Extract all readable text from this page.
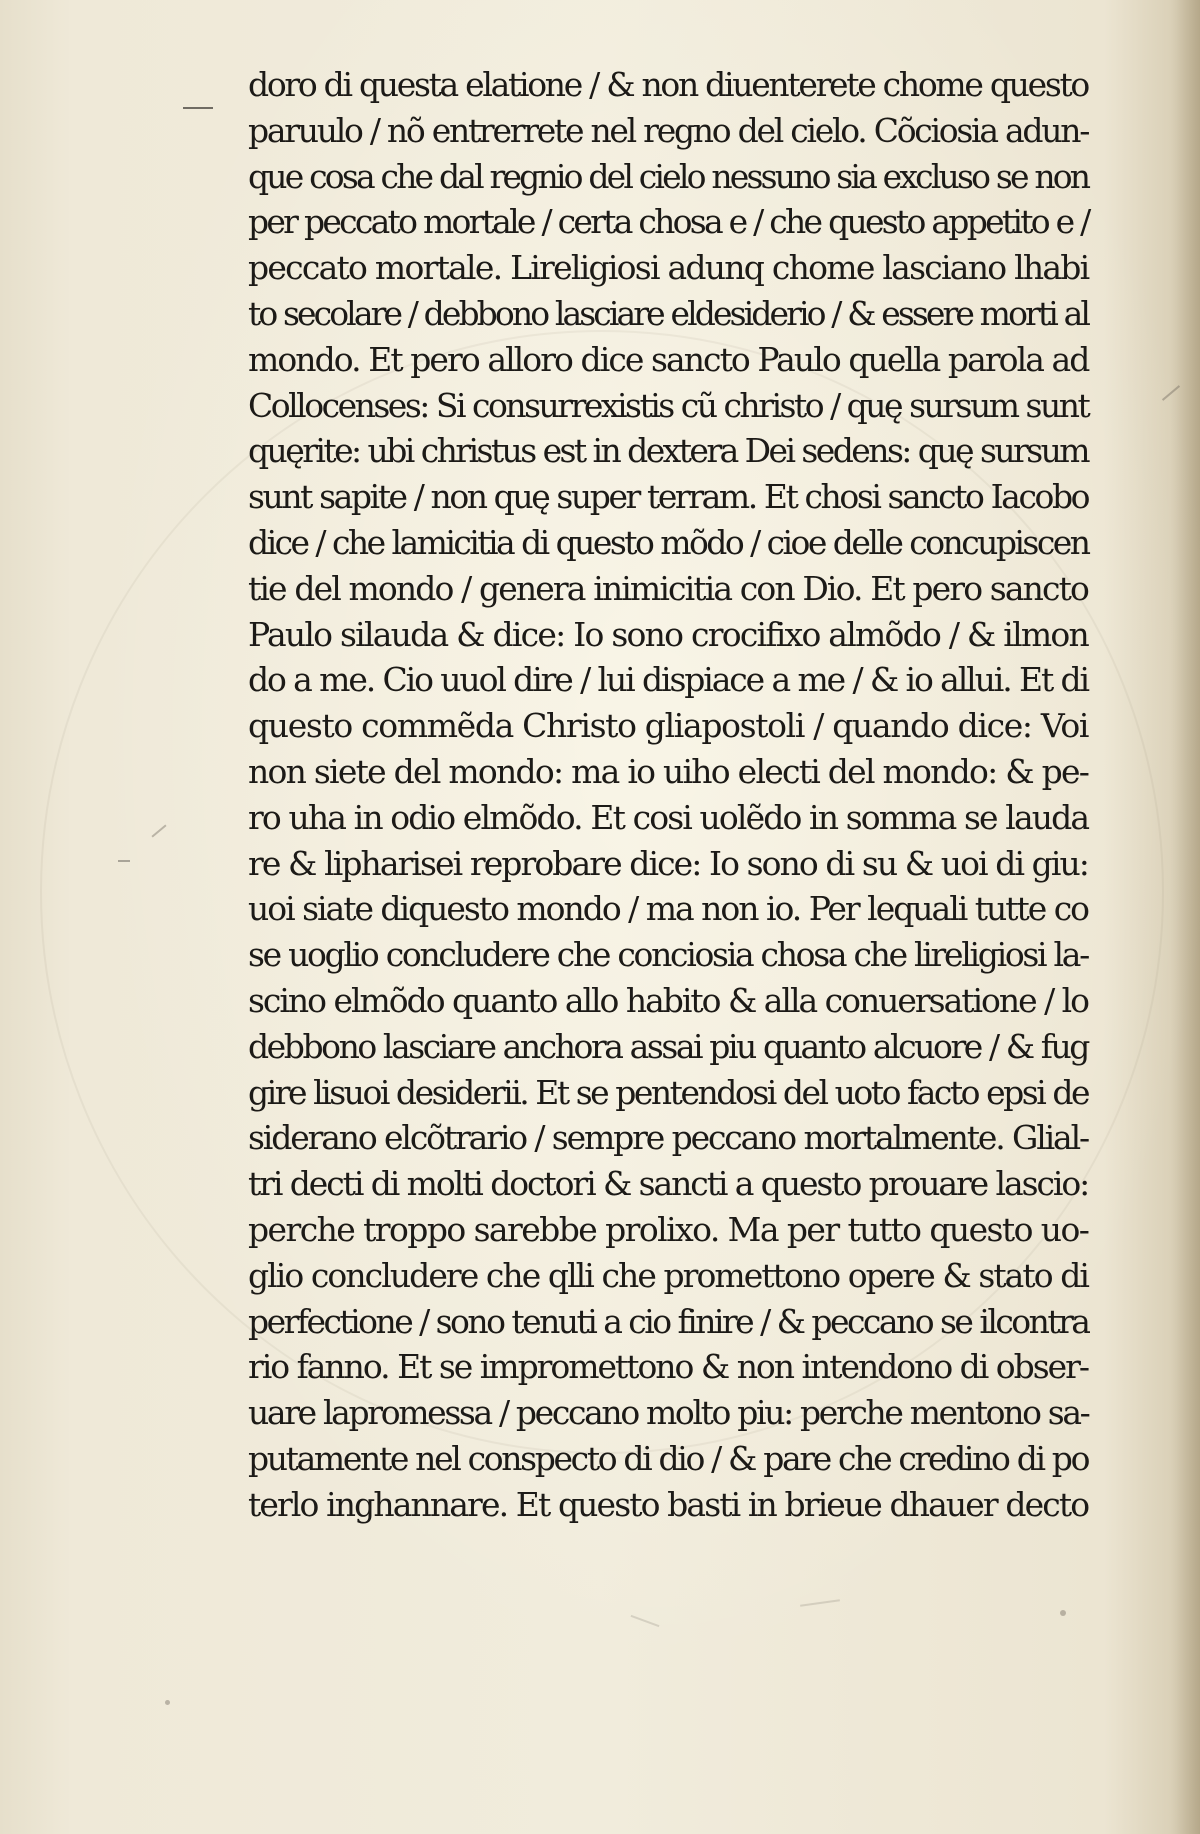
doro di questa elatione / & non diuenterete chome questo
paruulo / nõ entrerrete nel regno del cielo. Cõciosia adun-
que cosa che dal regnio del cielo nessuno sia excluso se non
per peccato mortale / certa chosa e / che questo appetito e /
peccato mortale. Lireligiosi adunq chome lasciano lhabi
to secolare / debbono lasciare eldesiderio / & essere morti al
mondo. Et pero alloro dice sancto Paulo quella parola ad
Collocenses: Si consurrexistis cũ christo / quę sursum sunt
quęrite: ubi christus est in dextera Dei sedens: quę sursum
sunt sapite / non quę super terram. Et chosi sancto Iacobo
dice / che lamicitia di questo mõdo / cioe delle concupiscen
tie del mondo / genera inimicitia con Dio. Et pero sancto
Paulo silauda & dice: Io sono crocifixo almõdo / & ilmon
do a me. Cio uuol dire / lui dispiace a me / & io allui. Et di
questo commẽda Christo gliapostoli / quando dice: Voi
non siete del mondo: ma io uiho electi del mondo: & pe-
ro uha in odio elmõdo. Et cosi uolẽdo in somma se lauda
re & lipharisei reprobare dice: Io sono di su & uoi di giu:
uoi siate diquesto mondo / ma non io. Per lequali tutte co
se uoglio concludere che conciosia chosa che lireligiosi la-
scino elmõdo quanto allo habito & alla conuersatione / lo
debbono lasciare anchora assai piu quanto alcuore / & fug
gire lisuoi desiderii. Et se pentendosi del uoto facto epsi de
siderano elcõtrario / sempre peccano mortalmente. Glial-
tri decti di molti doctori & sancti a questo prouare lascio:
perche troppo sarebbe prolixo. Ma per tutto questo uo-
glio concludere che qlli che promettono opere & stato di
perfectione / sono tenuti a cio finire / & peccano se ilcontra
rio fanno. Et se impromettono & non intendono di obser-
uare lapromessa / peccano molto piu: perche mentono sa-
putamente nel conspecto di dio / & pare che credino di po
terlo inghannare. Et questo basti in brieue dhauer decto
